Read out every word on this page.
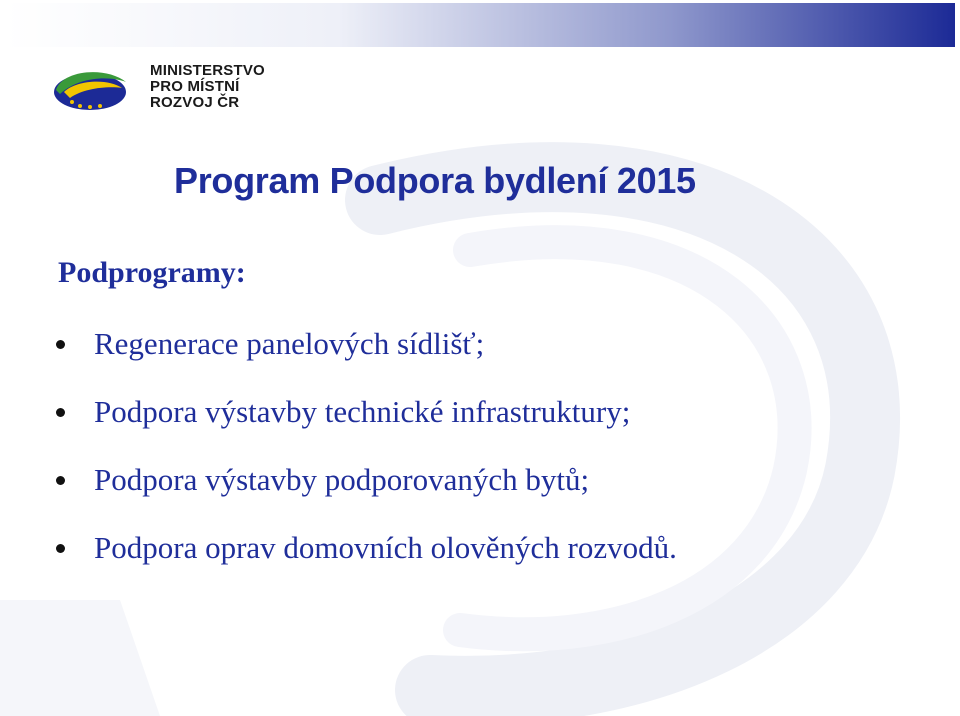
MINISTERSTVO
PRO MÍSTNÍ
ROZVOJ ČR
Program Podpora bydlení 2015
Podprogramy:
Regenerace panelových sídlišť;
Podpora výstavby technické infrastruktury;
Podpora výstavby podporovaných bytů;
Podpora oprav domovních olověných rozvodů.
